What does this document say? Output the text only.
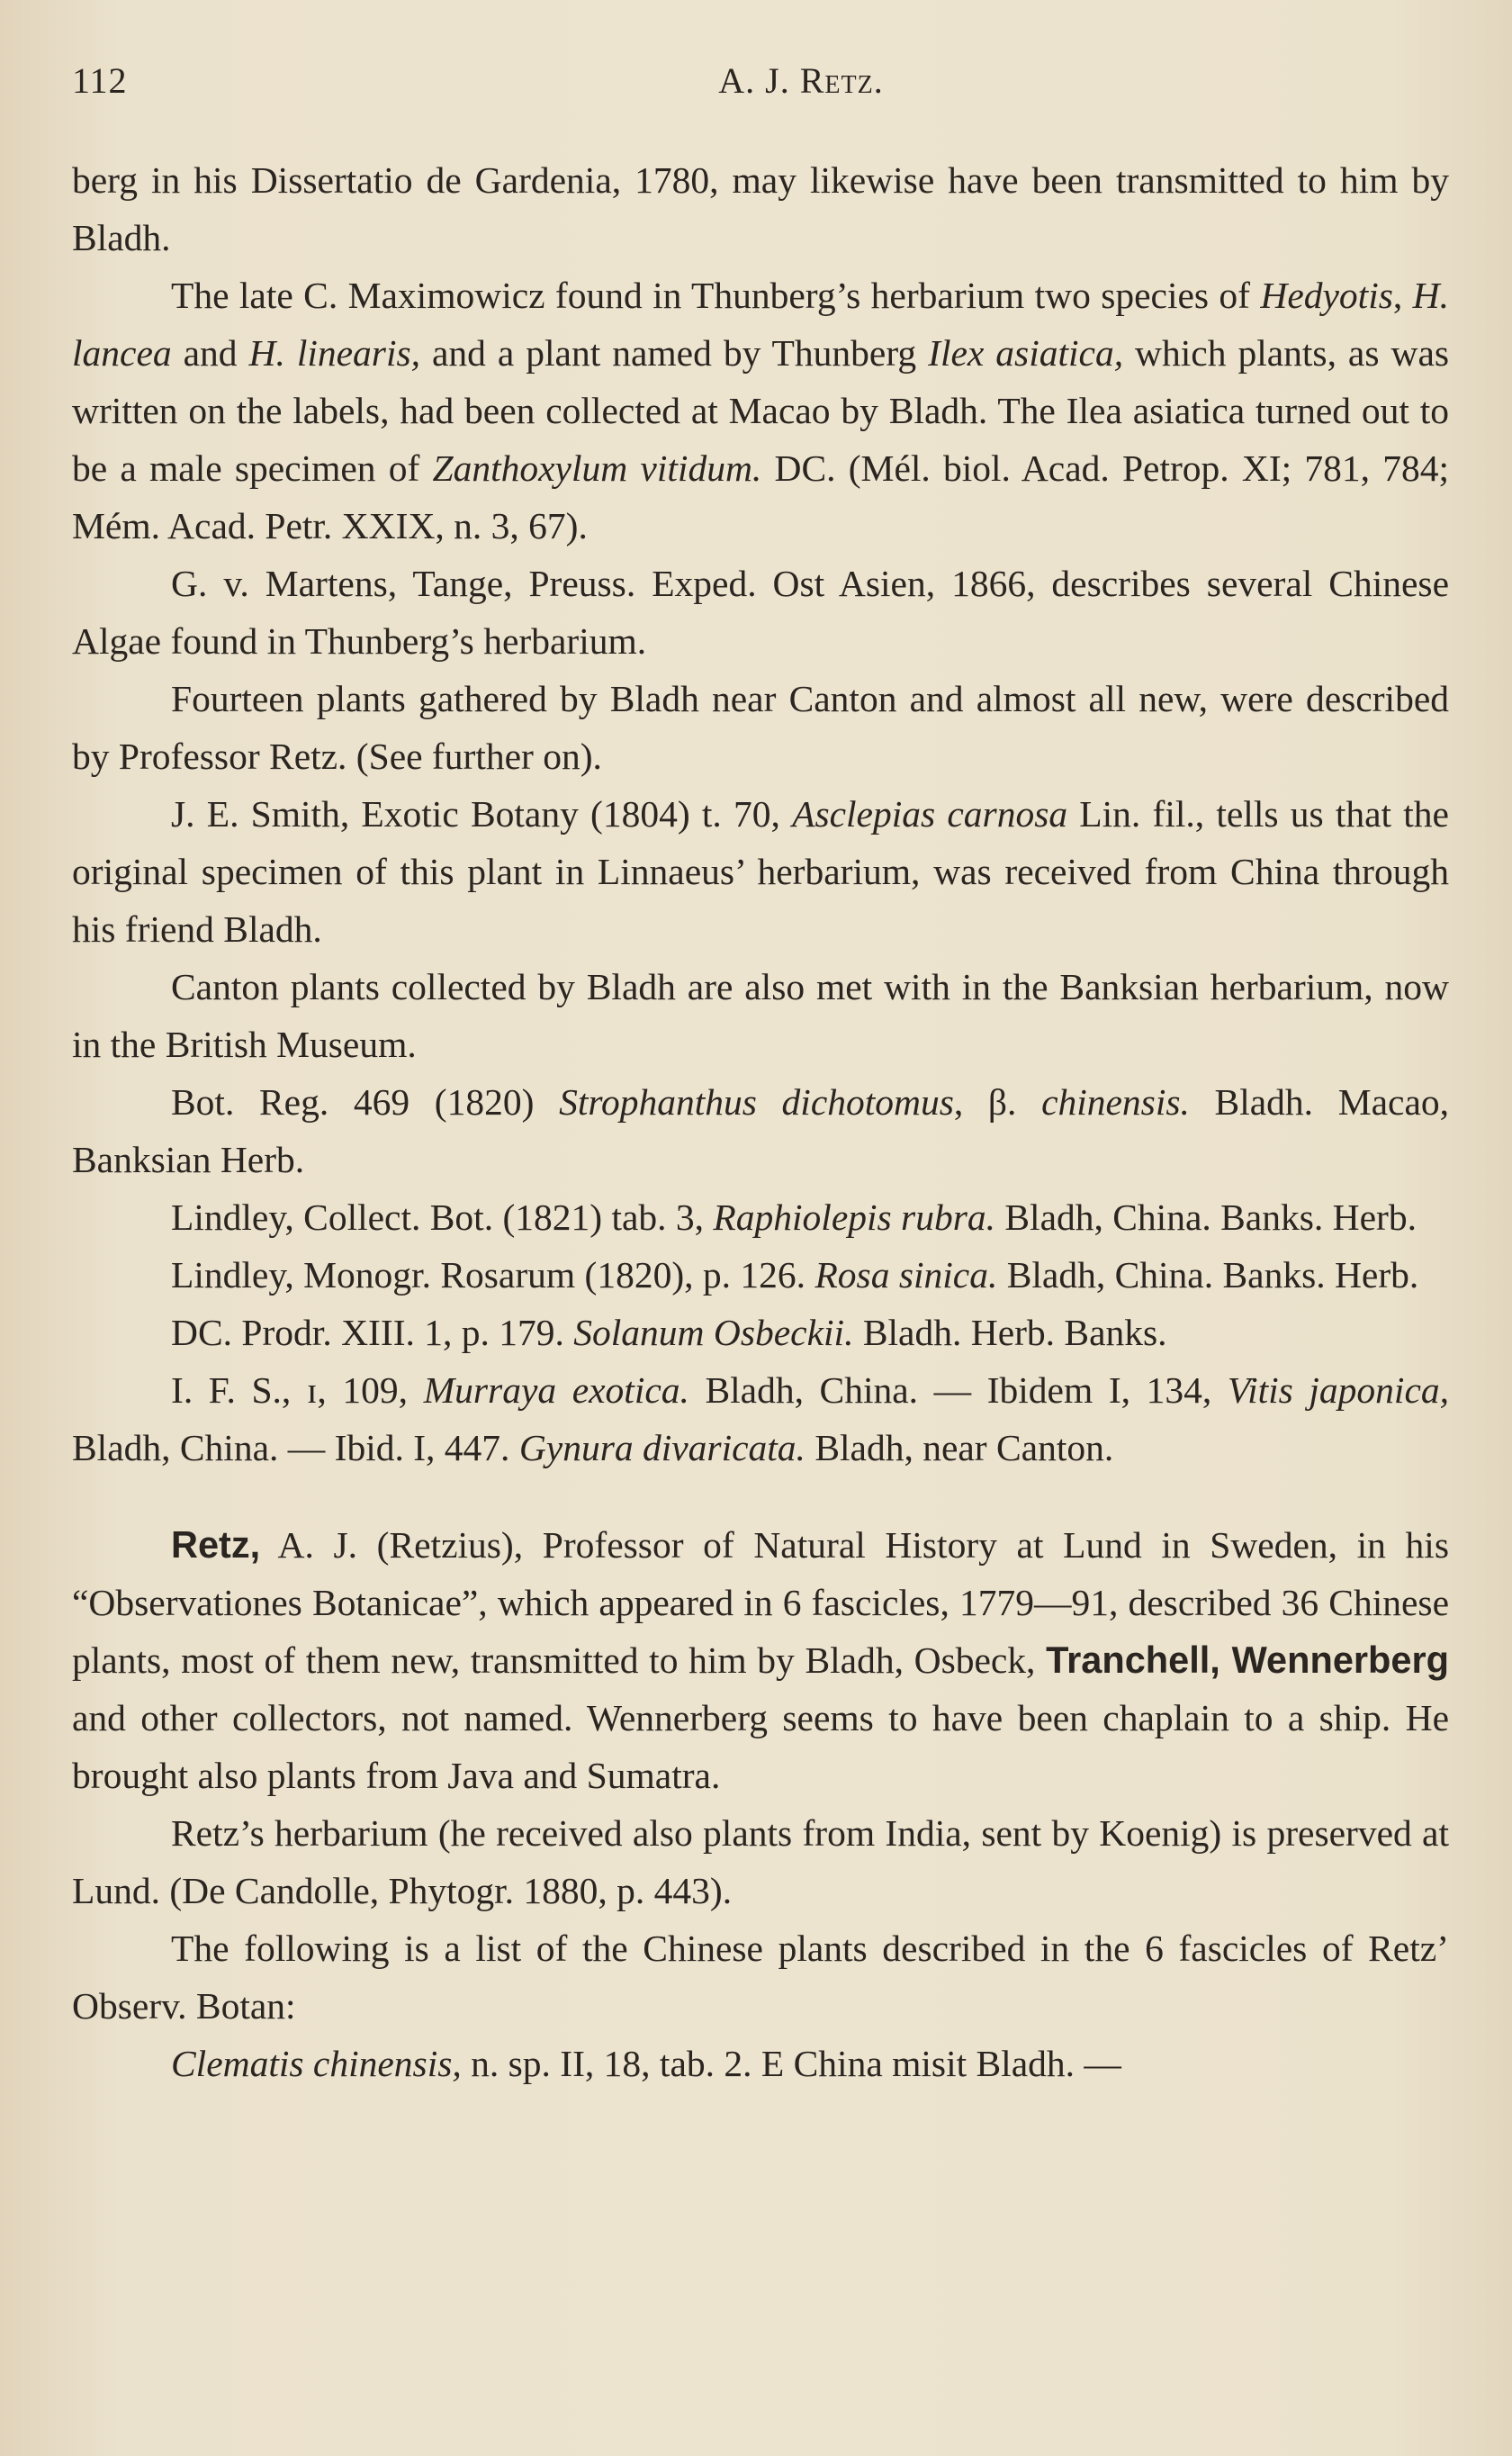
112	A. J. Retz.

berg in his Dissertatio de Gardenia, 1780, may likewise have been transmitted to him by Bladh.

The late C. Maximowicz found in Thunberg’s herbarium two species of Hedyotis, H. lancea and H. linearis, and a plant named by Thunberg Ilex asiatica, which plants, as was written on the labels, had been collected at Macao by Bladh. The Ilea asiatica turned out to be a male specimen of Zanthoxylum vitidum. DC. (Mél. biol. Acad. Petrop. XI; 781, 784; Mém. Acad. Petr. XXIX, n. 3, 67).

G. v. Martens, Tange, Preuss. Exped. Ost Asien, 1866, describes several Chinese Algae found in Thunberg’s herbarium.

Fourteen plants gathered by Bladh near Canton and almost all new, were described by Professor Retz. (See further on).

J. E. Smith, Exotic Botany (1804) t. 70, Asclepias carnosa Lin. fil., tells us that the original specimen of this plant in Linnaeus’ herbarium, was received from China through his friend Bladh.

Canton plants collected by Bladh are also met with in the Banksian herbarium, now in the British Museum.

Bot. Reg. 469 (1820) Strophanthus dichotomus, β. chinensis. Bladh. Macao, Banksian Herb.

Lindley, Collect. Bot. (1821) tab. 3, Raphiolepis rubra. Bladh, China. Banks. Herb.

Lindley, Monogr. Rosarum (1820), p. 126. Rosa sinica. Bladh, China. Banks. Herb.

DC. Prodr. XIII. 1, p. 179. Solanum Osbeckii. Bladh. Herb. Banks.

I. F. S., ɪ, 109, Murraya exotica. Bladh, China. — Ibidem I, 134, Vitis japonica, Bladh, China. — Ibid. I, 447. Gynura divaricata. Bladh, near Canton.

Retz, A. J. (Retzius), Professor of Natural History at Lund in Sweden, in his “Observationes Botanicae”, which appeared in 6 fascicles, 1779—91, described 36 Chinese plants, most of them new, transmitted to him by Bladh, Osbeck, Tranchell, Wennerberg and other collectors, not named. Wennerberg seems to have been chaplain to a ship. He brought also plants from Java and Sumatra.

Retz’s herbarium (he received also plants from India, sent by Koenig) is preserved at Lund. (De Candolle, Phytogr. 1880, p. 443).

The following is a list of the Chinese plants described in the 6 fascicles of Retz’ Observ. Botan:

Clematis chinensis, n. sp. II, 18, tab. 2. E China misit Bladh. —
